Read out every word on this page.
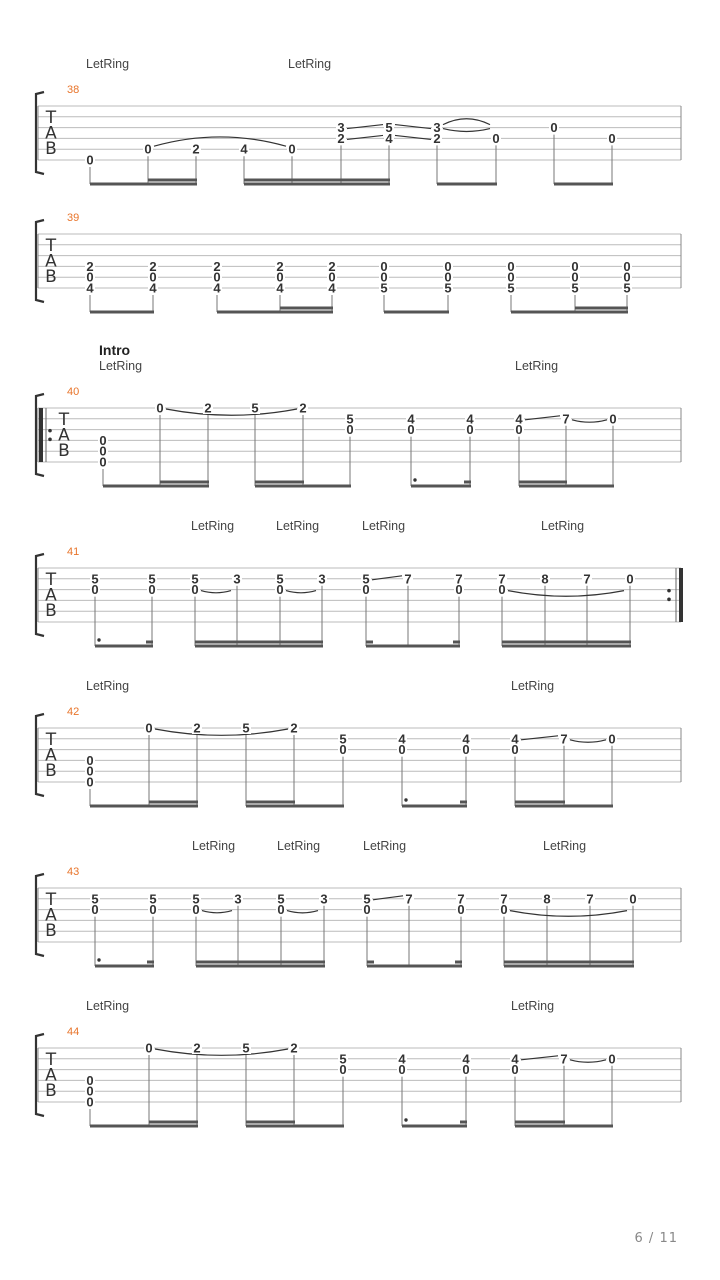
T
A
B
38
LetRing	LetRing
0
0	2	4	0
3
2
5
4
3
2	0
0
0
T
A
B
39
2
0
4
2
0
4
2
0
4
2
0
4
2
0
4
0
0
5
0
0
5
0
0
5
0
0
5
0
0
5
T
A
B
40
Intro
LetRing	LetRing
0
0
0
0	2	5	2
5
0
4
0
4
0
4
0
7	0
T
A
B
41
LetRing	LetRing	LetRing	LetRing
5
0
5
0
5
0
3	5
0
3	5
0
7	7
0
7
0
8	7	0
T
A
B
42
LetRing	LetRing
0
0
0
0	2	5	2
5
0
4
0
4
0
4
0
7	0
T
A
B
43
LetRing	LetRing	LetRing	LetRing
5
0
5
0
5
0
3	5
0
3	5
0
7	7
0
7
0
8	7	0
T
A
B
44
LetRing	LetRing
0
0
0
0	2	5	2
5
0
4
0
4
0
4
0
7	0
6 / 11
